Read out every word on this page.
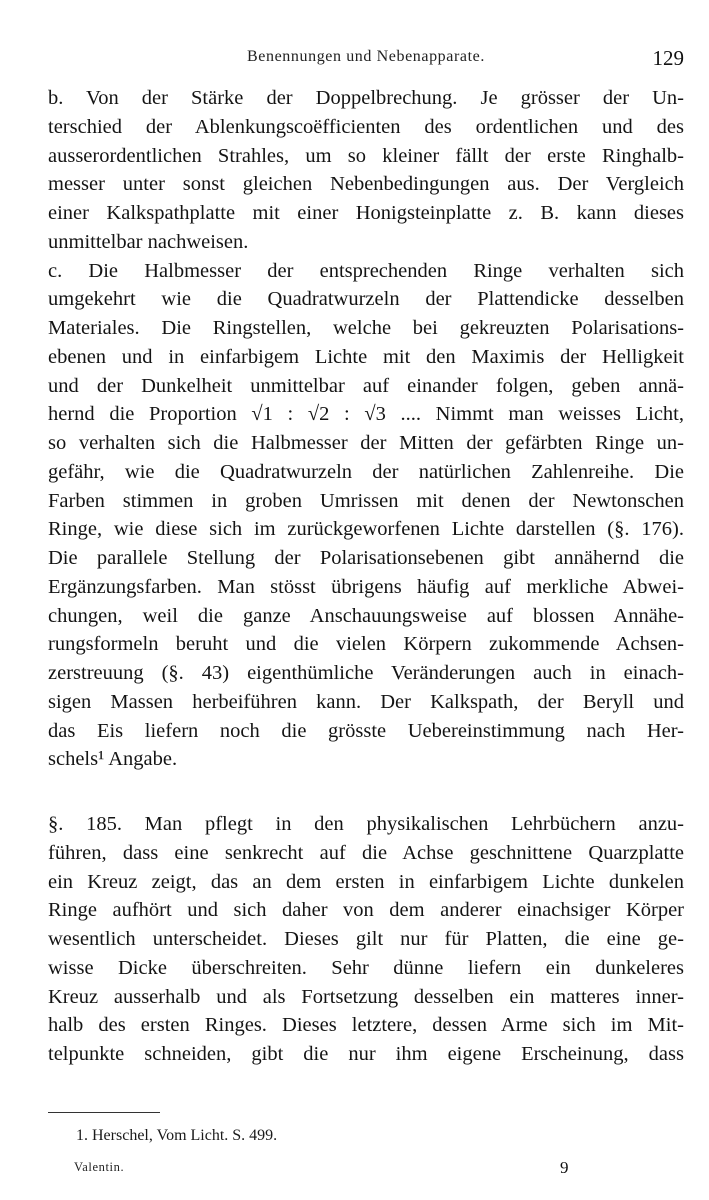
Benennungen und Nebenapparate.	129
b. Von der Stärke der Doppelbrechung. Je grösser der Un-
terschied der Ablenkungscoëfficienten des ordentlichen und des
ausserordentlichen Strahles, um so kleiner fällt der erste Ringhalb-
messer unter sonst gleichen Nebenbedingungen aus. Der Vergleich
einer Kalkspathplatte mit einer Honigsteinplatte z. B. kann dieses
unmittelbar nachweisen.
c. Die Halbmesser der entsprechenden Ringe verhalten sich
umgekehrt wie die Quadratwurzeln der Plattendicke desselben
Materiales. Die Ringstellen, welche bei gekreuzten Polarisations-
ebenen und in einfarbigem Lichte mit den Maximis der Helligkeit
und der Dunkelheit unmittelbar auf einander folgen, geben annä-
hernd die Proportion √1 : √2 : √3 .... Nimmt man weisses Licht,
so verhalten sich die Halbmesser der Mitten der gefärbten Ringe un-
gefähr, wie die Quadratwurzeln der natürlichen Zahlenreihe. Die
Farben stimmen in groben Umrissen mit denen der Newtonschen
Ringe, wie diese sich im zurückgeworfenen Lichte darstellen (§. 176).
Die parallele Stellung der Polarisationsebenen gibt annähernd die
Ergänzungsfarben. Man stösst übrigens häufig auf merkliche Abwei-
chungen, weil die ganze Anschauungsweise auf blossen Annähe-
rungsformeln beruht und die vielen Körpern zukommende Achsen-
zerstreuung (§. 43) eigenthümliche Veränderungen auch in einach-
sigen Massen herbeiführen kann. Der Kalkspath, der Beryll und
das Eis liefern noch die grösste Uebereinstimmung nach Her-
schels¹ Angabe.
§. 185. Man pflegt in den physikalischen Lehrbüchern anzu-
führen, dass eine senkrecht auf die Achse geschnittene Quarzplatte
ein Kreuz zeigt, das an dem ersten in einfarbigem Lichte dunkelen
Ringe aufhört und sich daher von dem anderer einachsiger Körper
wesentlich unterscheidet. Dieses gilt nur für Platten, die eine ge-
wisse Dicke überschreiten. Sehr dünne liefern ein dunkeleres
Kreuz ausserhalb und als Fortsetzung desselben ein matteres inner-
halb des ersten Ringes. Dieses letztere, dessen Arme sich im Mit-
telpunkte schneiden, gibt die nur ihm eigene Erscheinung, dass
1. Herschel, Vom Licht. S. 499.
Valentin.	9
